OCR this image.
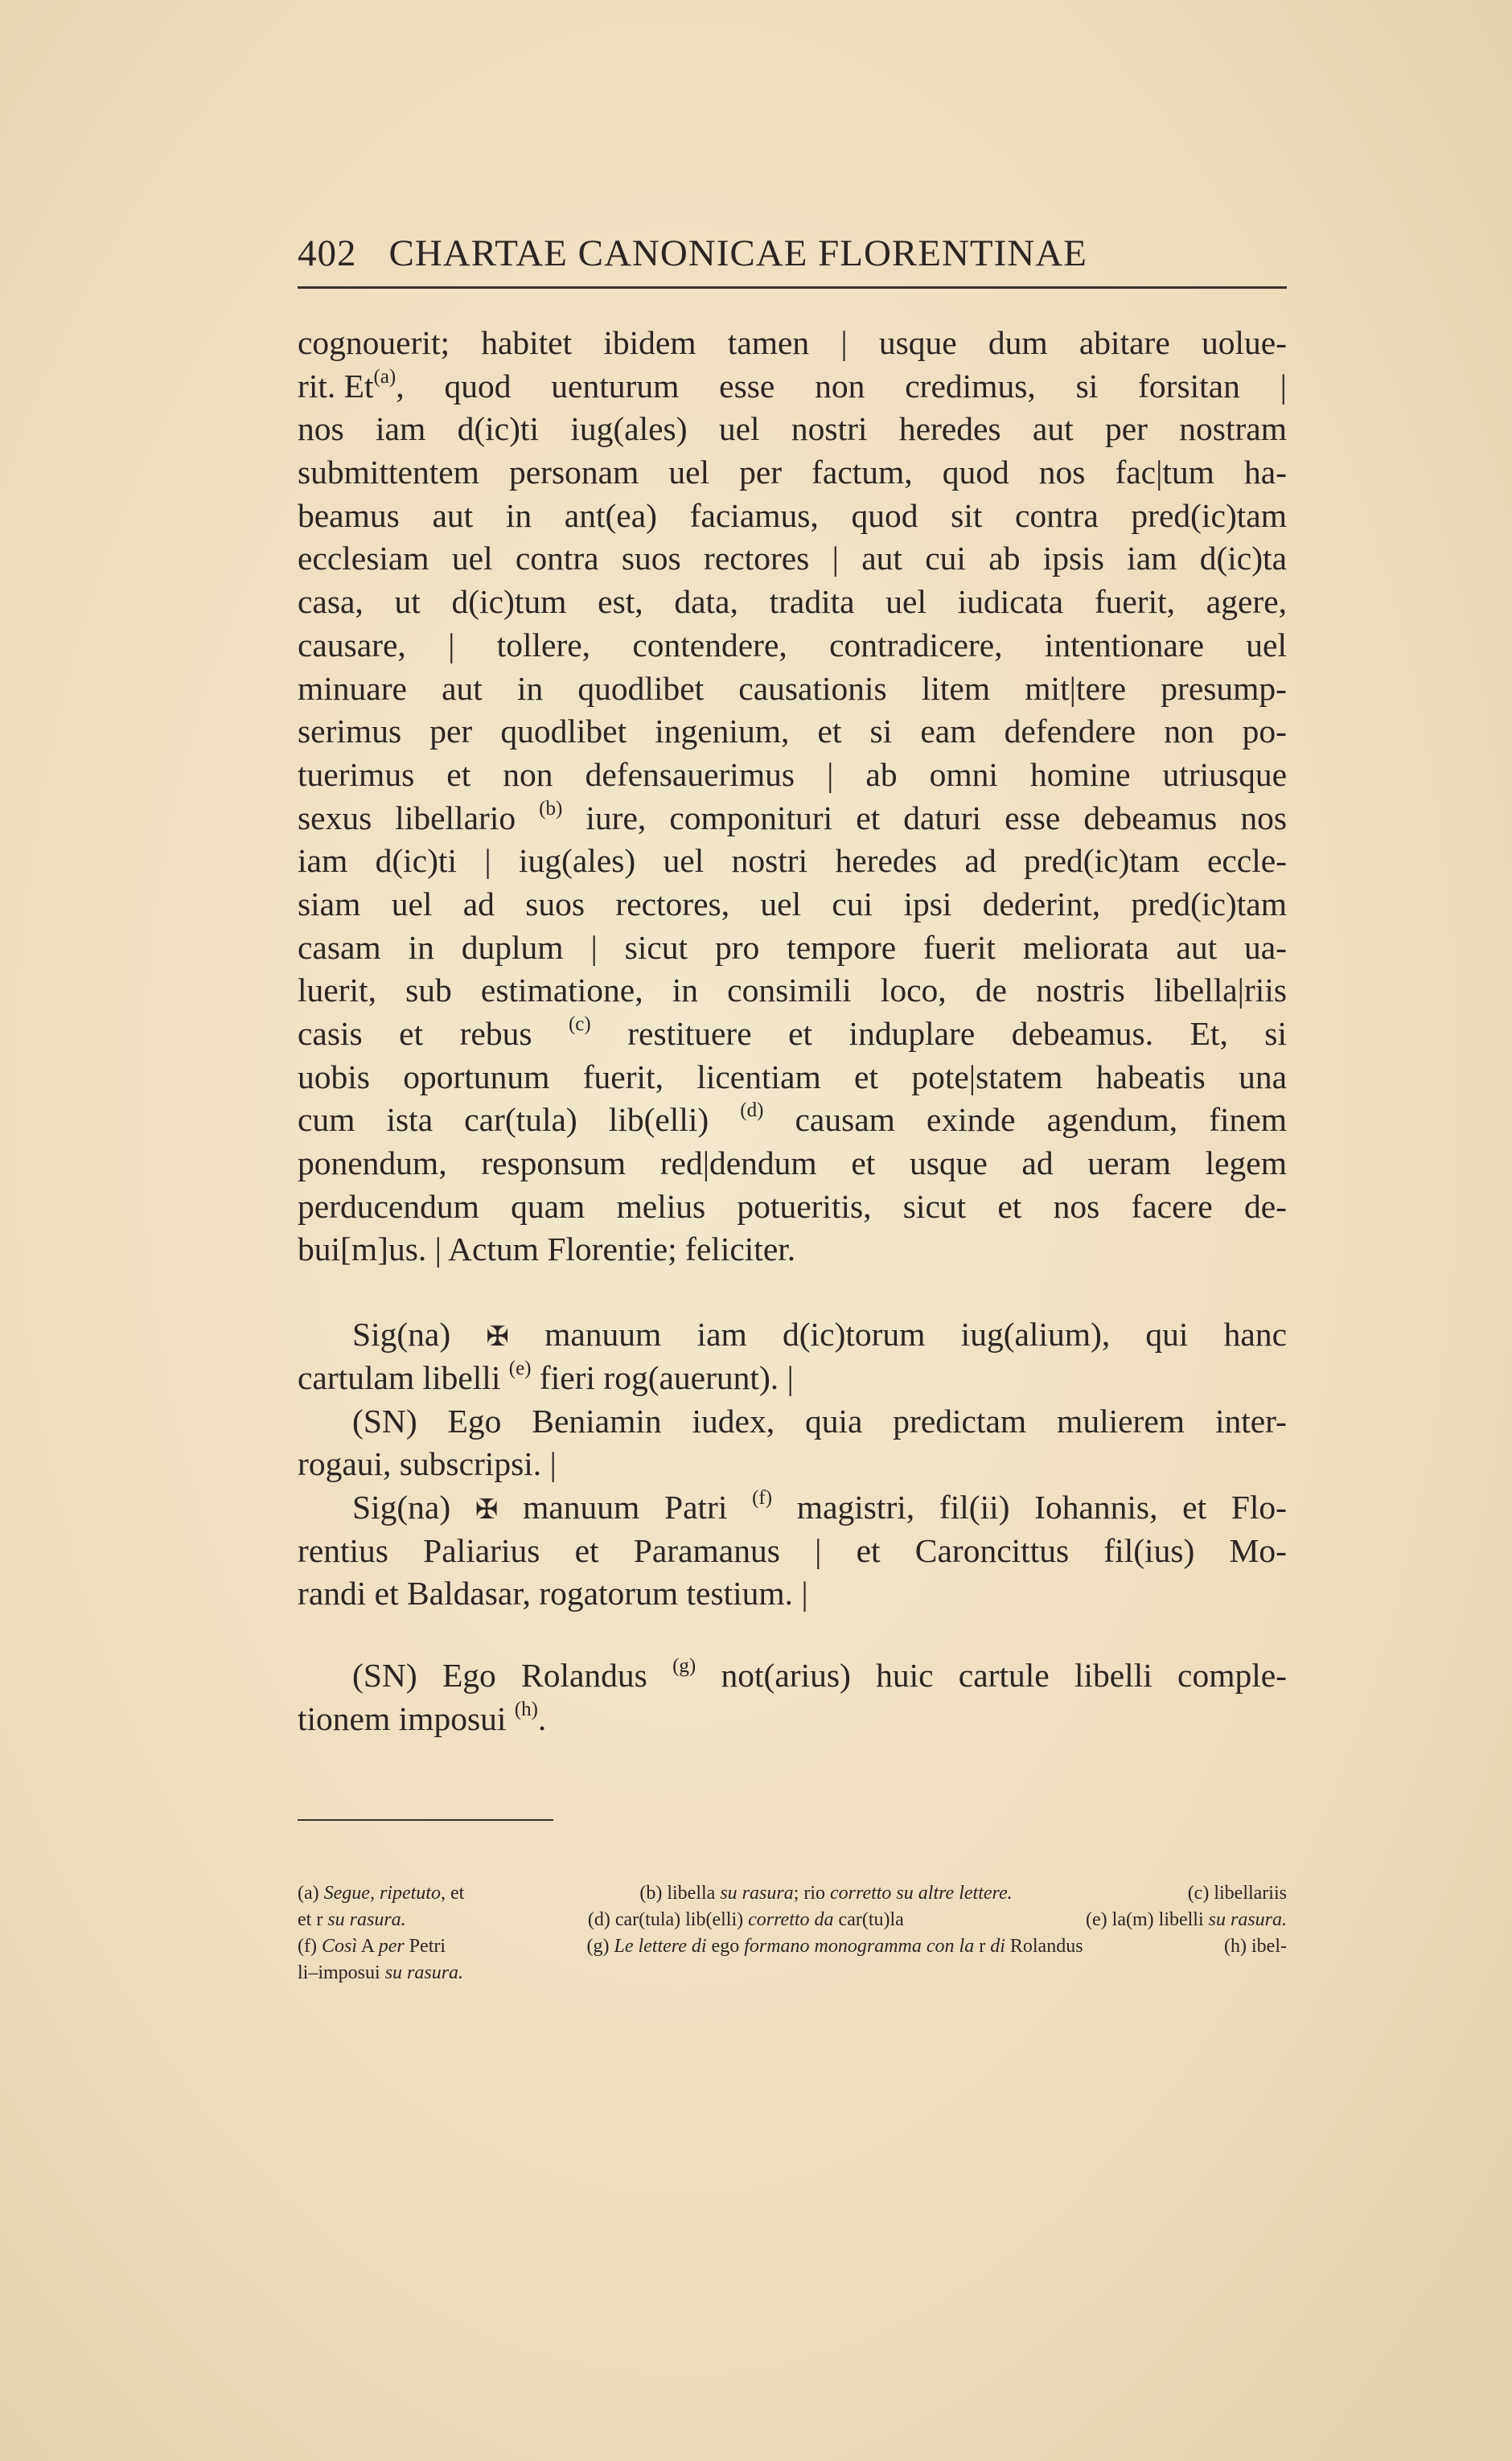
402 CHARTAE CANONICAE FLORENTINAE
cognouerit; habitet ibidem tamen | usque dum abitare uolue-
rit. Et $^{(a)}$, quod uenturum esse non credimus, si forsitan |
nos iam d(ic)ti iug(ales) uel nostri heredes aut per nostram
submittentem personam uel per factum, quod nos fac|tum ha-
beamus aut in ant(ea) faciamus, quod sit contra pred(ic)tam
ecclesiam uel contra suos rectores | aut cui ab ipsis iam d(ic)ta
casa, ut d(ic)tum est, data, tradita uel iudicata fuerit, agere,
causare, | tollere, contendere, contradicere, intentionare uel
minuare aut in quodlibet causationis litem mit|tere presump-
serimus per quodlibet ingenium, et si eam defendere non po-
tuerimus et non defensauerimus | ab omni homine utriusque
sexus libellario $^{(b)}$ iure, componituri et daturi esse debeamus nos
iam d(ic)ti | iug(ales) uel nostri heredes ad pred(ic)tam eccle-
siam uel ad suos rectores, uel cui ipsi dederint, pred(ic)tam
casam in duplum | sicut pro tempore fuerit meliorata aut ua-
luerit, sub estimatione, in consimili loco, de nostris libella|riis
casis et rebus $^{(c)}$ restituere et induplare debeamus. Et, si
uobis oportunum fuerit, licentiam et pote|statem habeatis una
cum ista car(tula) lib(elli) $^{(d)}$ causam exinde agendum, finem
ponendum, responsum red|dendum et usque ad ueram legem
perducendum quam melius potueritis, sicut et nos facere de-
bui[m]us. | Actum Florentie; feliciter.
Sig(na) ✠ manuum iam d(ic)torum iug(alium), qui hanc
cartulam libelli $^{(e)}$ fieri rog(auerunt). |
(SN) Ego Beniamin iudex, quia predictam mulierem inter-
rogaui, subscripsi. |
Sig(na) ✠ manuum Patri $^{(f)}$ magistri, fil(ii) Iohannis, et Flo-
rentius Paliarius et Paramanus | et Caroncittus fil(ius) Mo-
randi et Baldasar, rogatorum testium. |
(SN) Ego Rolandus $^{(g)}$ not(arius) huic cartule libelli comple-
tionem imposui $^{(h)}$.
(a) Segue, ripetuto, et	(b) libella su rasura; rio corretto su altre lettere.	(c) libellariis
et r su rasura.	(d) car(tula) lib(elli) corretto da car(tu)la	(e) la(m) libelli su rasura.
(f) Così A per Petri	(g) Le lettere di ego formano monogramma con la r di Rolandus	(h) ibel-
li–imposui su rasura.
